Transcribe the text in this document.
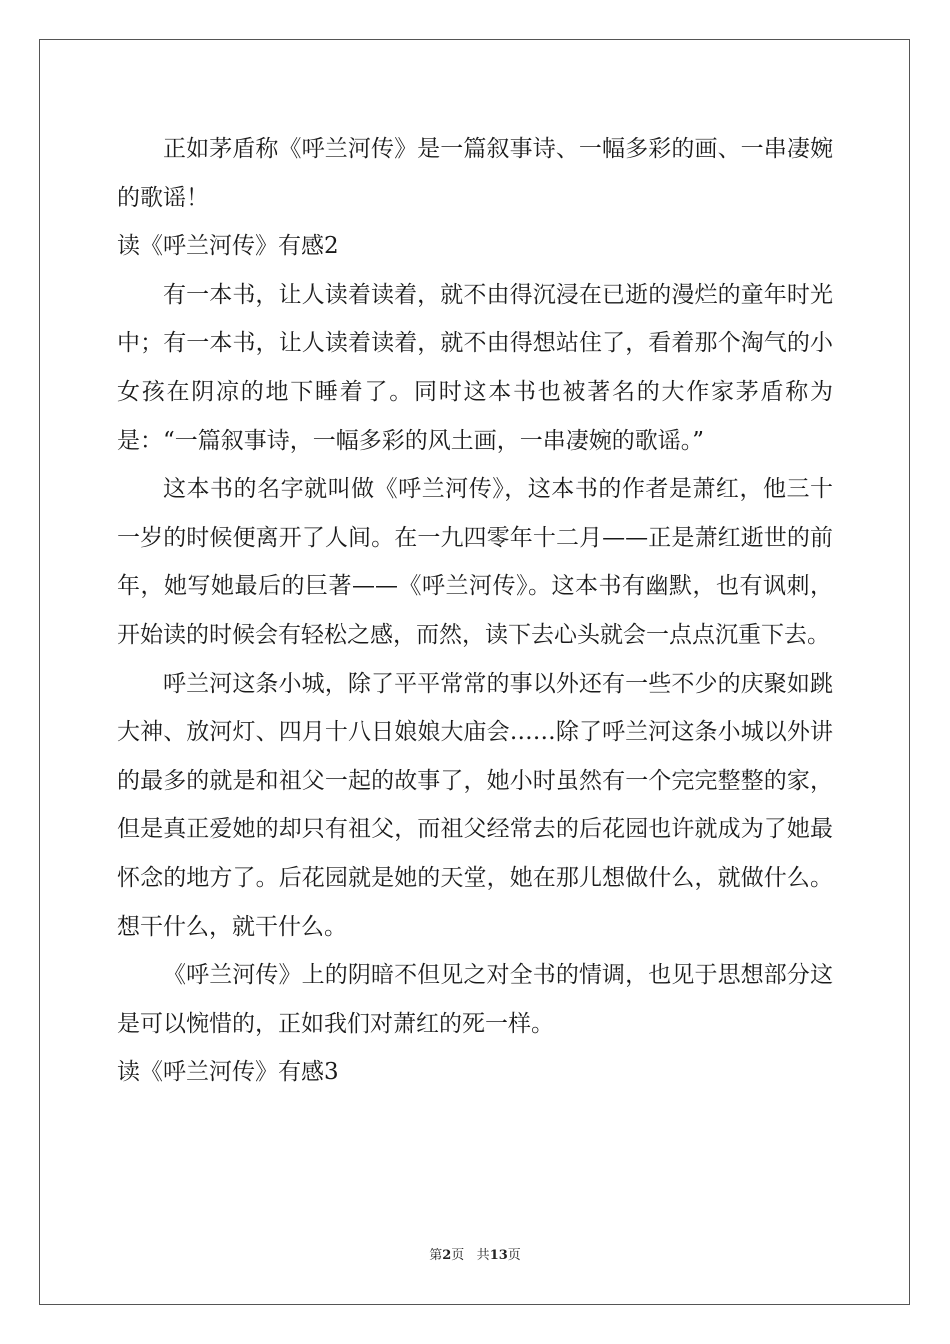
正如茅盾称《呼兰河传》是一篇叙事诗、一幅多彩的画、一串凄婉的歌谣！

读《呼兰河传》有感2

有一本书，让人读着读着，就不由得沉浸在已逝的漫烂的童年时光中；有一本书，让人读着读着，就不由得想站住了，看着那个淘气的小女孩在阴凉的地下睡着了。同时这本书也被著名的大作家茅盾称为是：“一篇叙事诗，一幅多彩的风土画，一串凄婉的歌谣。”

这本书的名字就叫做《呼兰河传》，这本书的作者是萧红，他三十一岁的时候便离开了人间。在一九四零年十二月——正是萧红逝世的前年，她写她最后的巨著——《呼兰河传》。这本书有幽默，也有讽刺，开始读的时候会有轻松之感，而然，读下去心头就会一点点沉重下去。

呼兰河这条小城，除了平平常常的事以外还有一些不少的庆聚如跳大神、放河灯、四月十八日娘娘大庙会……除了呼兰河这条小城以外讲的最多的就是和祖父一起的故事了，她小时虽然有一个完完整整的家，但是真正爱她的却只有祖父，而祖父经常去的后花园也许就成为了她最怀念的地方了。后花园就是她的天堂，她在那儿想做什么，就做什么。想干什么，就干什么。

《呼兰河传》上的阴暗不但见之对全书的情调，也见于思想部分这是可以惋惜的，正如我们对萧红的死一样。

读《呼兰河传》有感3

第2页 共13页
